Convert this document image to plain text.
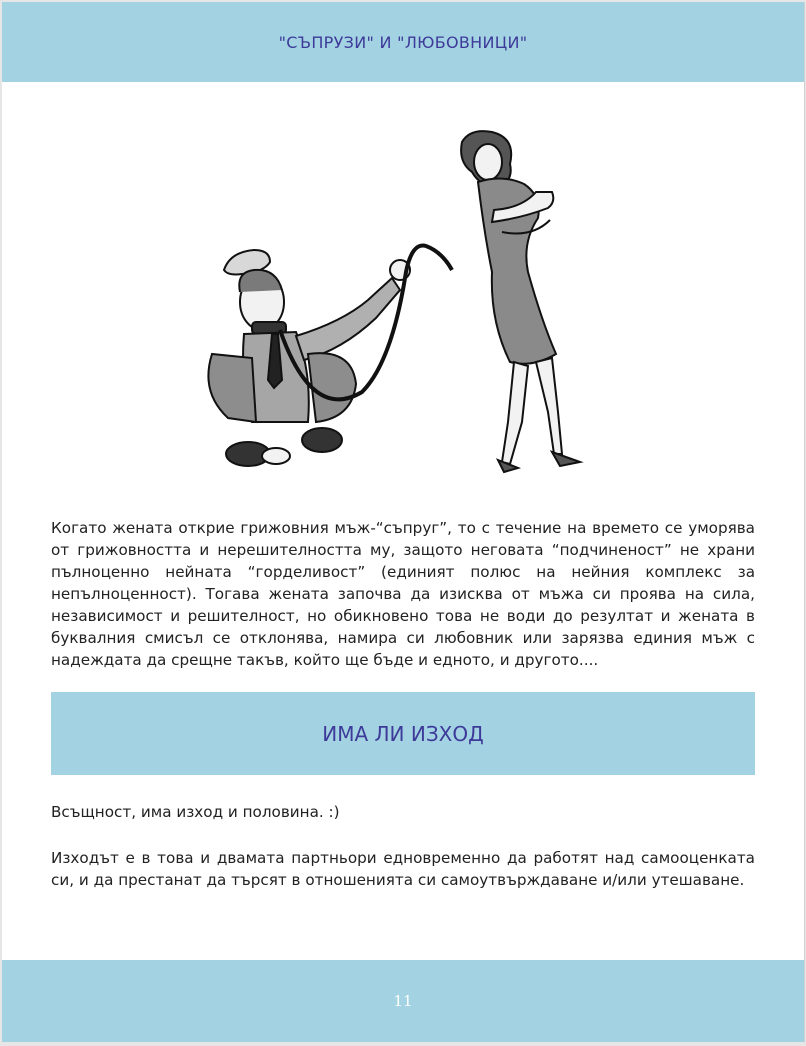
"СЪПРУЗИ" И "ЛЮБОВНИЦИ"
Когато жената открие грижовния мъж-“съпруг”, то с течение на времето се уморява от грижовността и нерешителността му, защото неговата “подчиненост” не храни пълноценно нейната “горделивост” (единият полюс на нейния комплекс за непълноценност). Тогава жената започва да изисква от мъжа си проява на сила, независимост и решителност, но обикновено това не води до резултат и жената в буквалния смисъл се отклонява, намира си любовник или зарязва единия мъж с надеждата да срещне такъв, който ще бъде и едното, и другото....
ИМА ЛИ ИЗХОД
Всъщност, има изход и половина. :)
Изходът е в това и двамата партньори едновременно да работят над самооценката си, и да престанат да търсят в отношенията си самоутвърждаване и/или утешаване.
11
